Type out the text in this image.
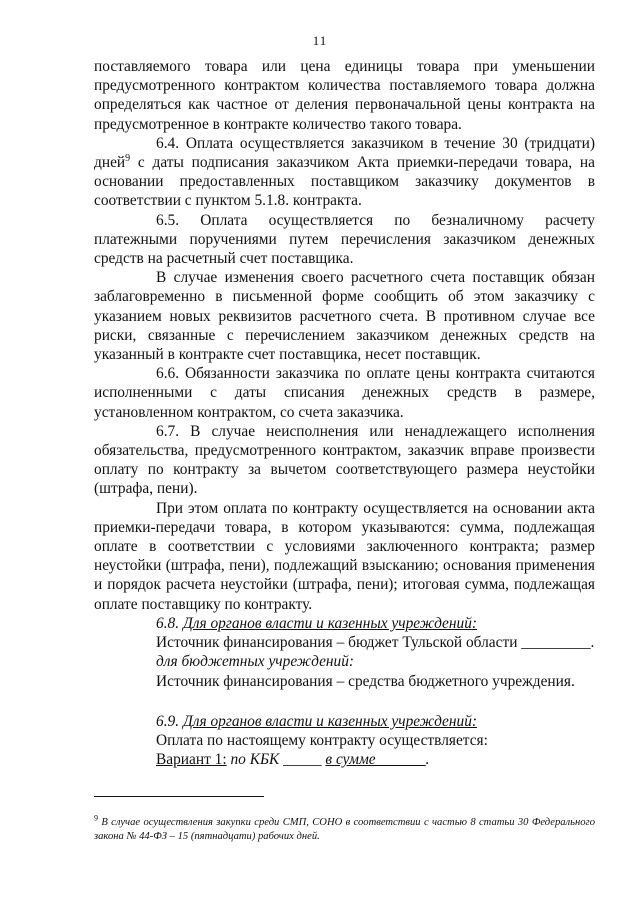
11

поставляемого товара или цена единицы товара при уменьшении предусмотренного контрактом количества поставляемого товара должна определяться как частное от деления первоначальной цены контракта на предусмотренное в контракте количество такого товара.

6.4. Оплата осуществляется заказчиком в течение 30 (тридцати) дней$^9$ с даты подписания заказчиком Акта приемки-передачи товара, на основании предоставленных поставщиком заказчику документов в соответствии с пунктом 5.1.8. контракта.

6.5. Оплата осуществляется по безналичному расчету платежными поручениями путем перечисления заказчиком денежных средств на расчетный счет поставщика.

В случае изменения своего расчетного счета поставщик обязан заблаговременно в письменной форме сообщить об этом заказчику с указанием новых реквизитов расчетного счета. В противном случае все риски, связанные с перечислением заказчиком денежных средств на указанный в контракте счет поставщика, несет поставщик.

6.6. Обязанности заказчика по оплате цены контракта считаются исполненными с даты списания денежных средств в размере, установленном контрактом, со счета заказчика.

6.7. В случае неисполнения или ненадлежащего исполнения обязательства, предусмотренного контрактом, заказчик вправе произвести оплату по контракту за вычетом соответствующего размера неустойки (штрафа, пени).

При этом оплата по контракту осуществляется на основании акта приемки-передачи товара, в котором указываются: сумма, подлежащая оплате в соответствии с условиями заключенного контракта; размер неустойки (штрафа, пени), подлежащий взысканию; основания применения и порядок расчета неустойки (штрафа, пени); итоговая сумма, подлежащая оплате поставщику по контракту.

6.8. Для органов власти и казенных учреждений:

Источник финансирования – бюджет Тульской области _________.

для бюджетных учреждений:

Источник финансирования – средства бюджетного учреждения.

6.9. Для органов власти и казенных учреждений:

Оплата по настоящему контракту осуществляется:

Вариант 1: по КБК _____ в сумме ______.

$^9$ В случае осуществления закупки среди СМП, СОНО в соответствии с частью 8 статьи 30 Федерального закона № 44-ФЗ – 15 (пятнадцати) рабочих дней.
